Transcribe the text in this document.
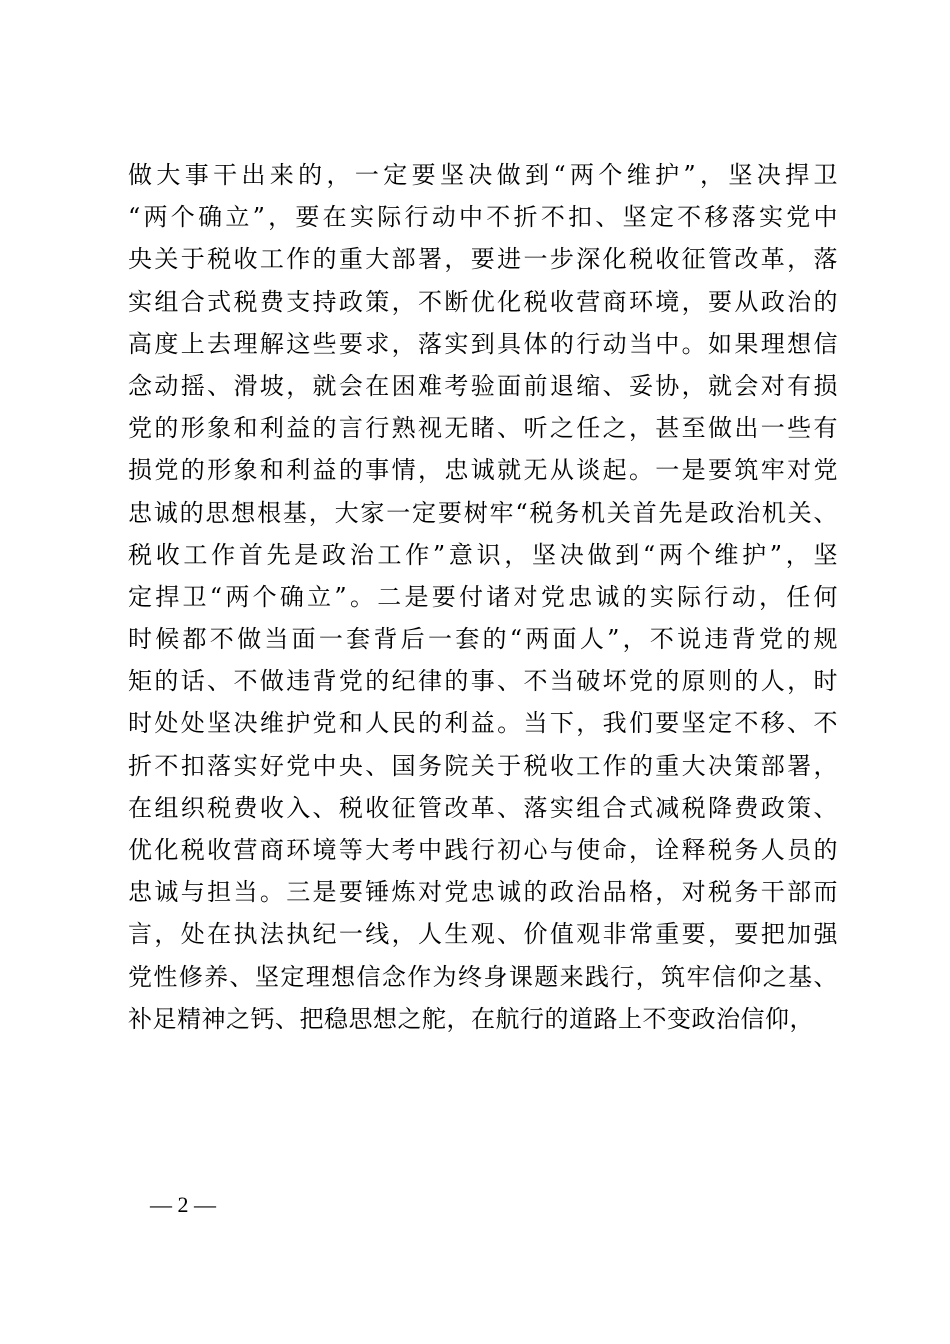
做大事干出来的，一定要坚决做到“两个维护”，坚决捍卫
“两个确立”，要在实际行动中不折不扣、坚定不移落实党中
央关于税收工作的重大部署，要进一步深化税收征管改革，落
实组合式税费支持政策，不断优化税收营商环境，要从政治的
高度上去理解这些要求，落实到具体的行动当中。如果理想信
念动摇、滑坡，就会在困难考验面前退缩、妥协，就会对有损
党的形象和利益的言行熟视无睹、听之任之，甚至做出一些有
损党的形象和利益的事情，忠诚就无从谈起。一是要筑牢对党
忠诚的思想根基，大家一定要树牢“税务机关首先是政治机关、
税收工作首先是政治工作”意识，坚决做到“两个维护”，坚
定捍卫“两个确立”。二是要付诸对党忠诚的实际行动，任何
时候都不做当面一套背后一套的“两面人”，不说违背党的规
矩的话、不做违背党的纪律的事、不当破坏党的原则的人，时
时处处坚决维护党和人民的利益。当下，我们要坚定不移、不
折不扣落实好党中央、国务院关于税收工作的重大决策部署，
在组织税费收入、税收征管改革、落实组合式减税降费政策、
优化税收营商环境等大考中践行初心与使命，诠释税务人员的
忠诚与担当。三是要锤炼对党忠诚的政治品格，对税务干部而
言，处在执法执纪一线，人生观、价值观非常重要，要把加强
党性修养、坚定理想信念作为终身课题来践行，筑牢信仰之基、
补足精神之钙、把稳思想之舵，在航行的道路上不变政治信仰，
— 2 —
